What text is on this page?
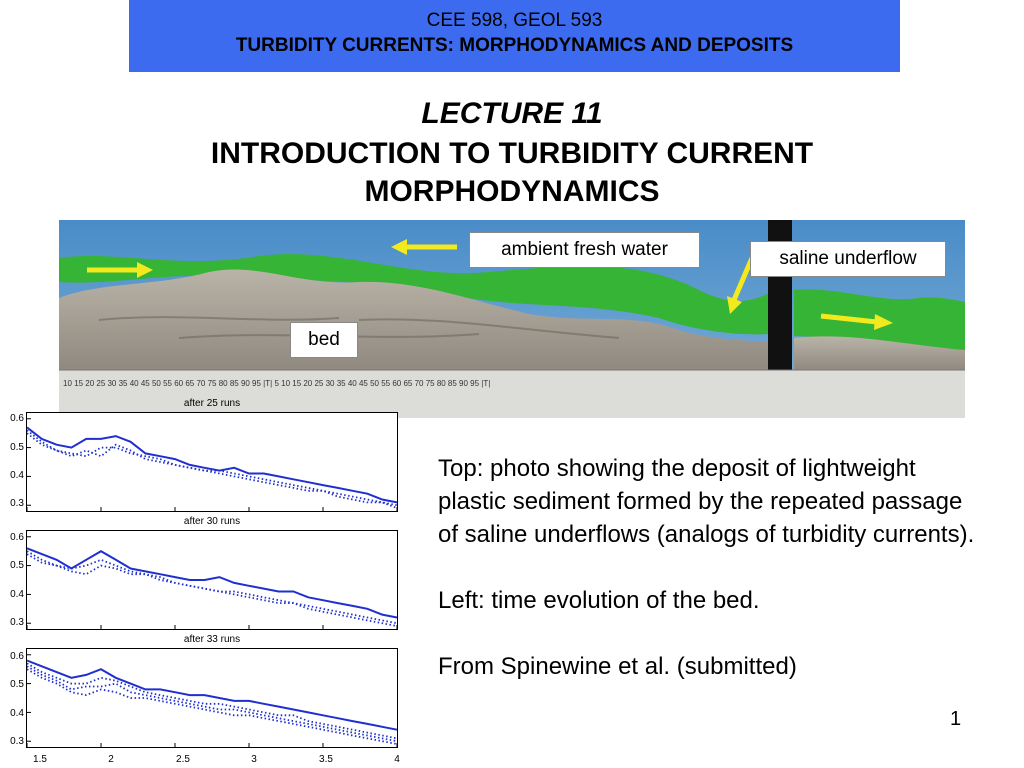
CEE 598, GEOL 593
TURBIDITY CURRENTS: MORPHODYNAMICS AND DEPOSITS
LECTURE 11
INTRODUCTION TO TURBIDITY CURRENT
MORPHODYNAMICS
10 15 20 25 30 35 40 45 50 55 60 65 70 75 80 85 90 95 |T| 5 10 15 20 25 30 35 40 45 50 55 60 65 70 75 80 85 90 95 |T|
ambient fresh water	saline underflow
bed
after 25 runs
after 30 runs
after 33 runs
0.6
0.5
0.4
0.3
0.6
0.5
0.4
0.3
0.6
0.5
0.4
0.3
1.5	2	2.5	3	3.5	4

Top: photo showing the deposit of lightweight plastic sediment formed by the repeated passage of saline underflows (analogs of turbidity currents).

Left: time evolution of the bed.

From Spinewine et al. (submitted)

1
